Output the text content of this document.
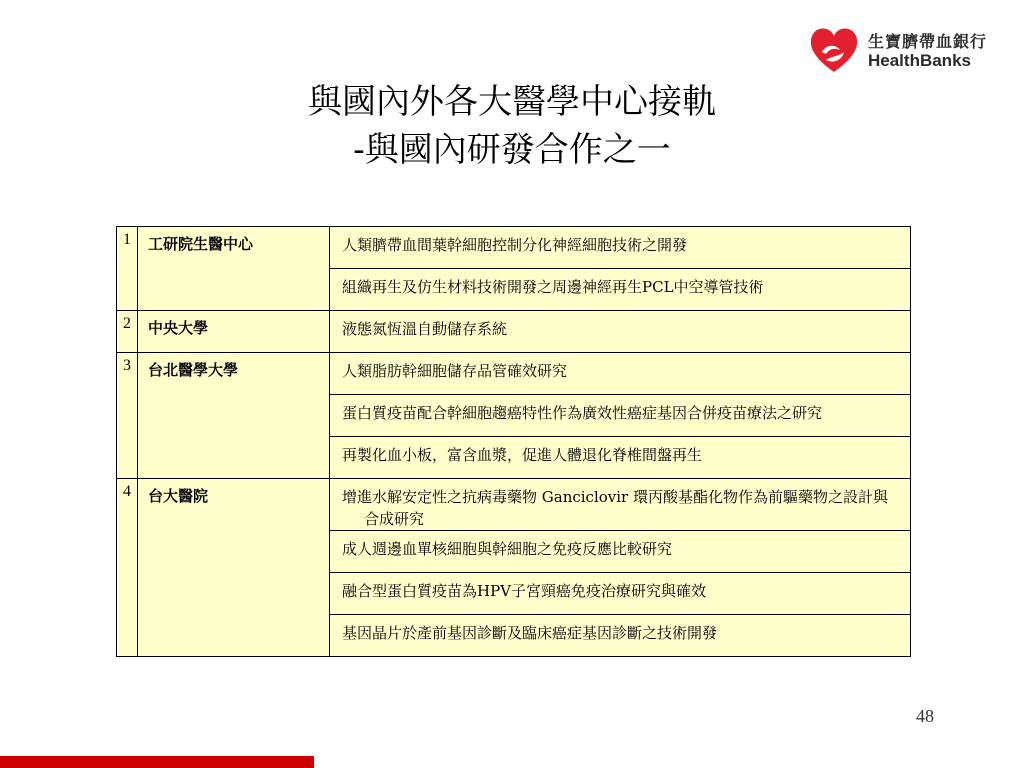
生寶臍帶血銀行
HealthBanks
與國內外各大醫學中心接軌
-與國內研發合作之一
1	工研院生醫中心	人類臍帶血間葉幹細胞控制分化神經細胞技術之開發

		組織再生及仿生材料技術開發之周邊神經再生PCL中空導管技術

2	中央大學	液態氮恆溫自動儲存系統

3	台北醫學大學	人類脂肪幹細胞儲存品管確效研究

		蛋白質疫苗配合幹細胞趨癌特性作為廣效性癌症基因合併疫苗療法之研究

		再製化血小板，富含血漿，促進人體退化脊椎間盤再生

4	台大醫院	增進水解安定性之抗病毒藥物 Ganciclovir 環丙酸基酯化物作為前驅藥物之設計與合成研究

		成人週邊血單核細胞與幹細胞之免疫反應比較研究

		融合型蛋白質疫苗為HPV子宮頸癌免疫治療研究與確效

		基因晶片於產前基因診斷及臨床癌症基因診斷之技術開發
48
